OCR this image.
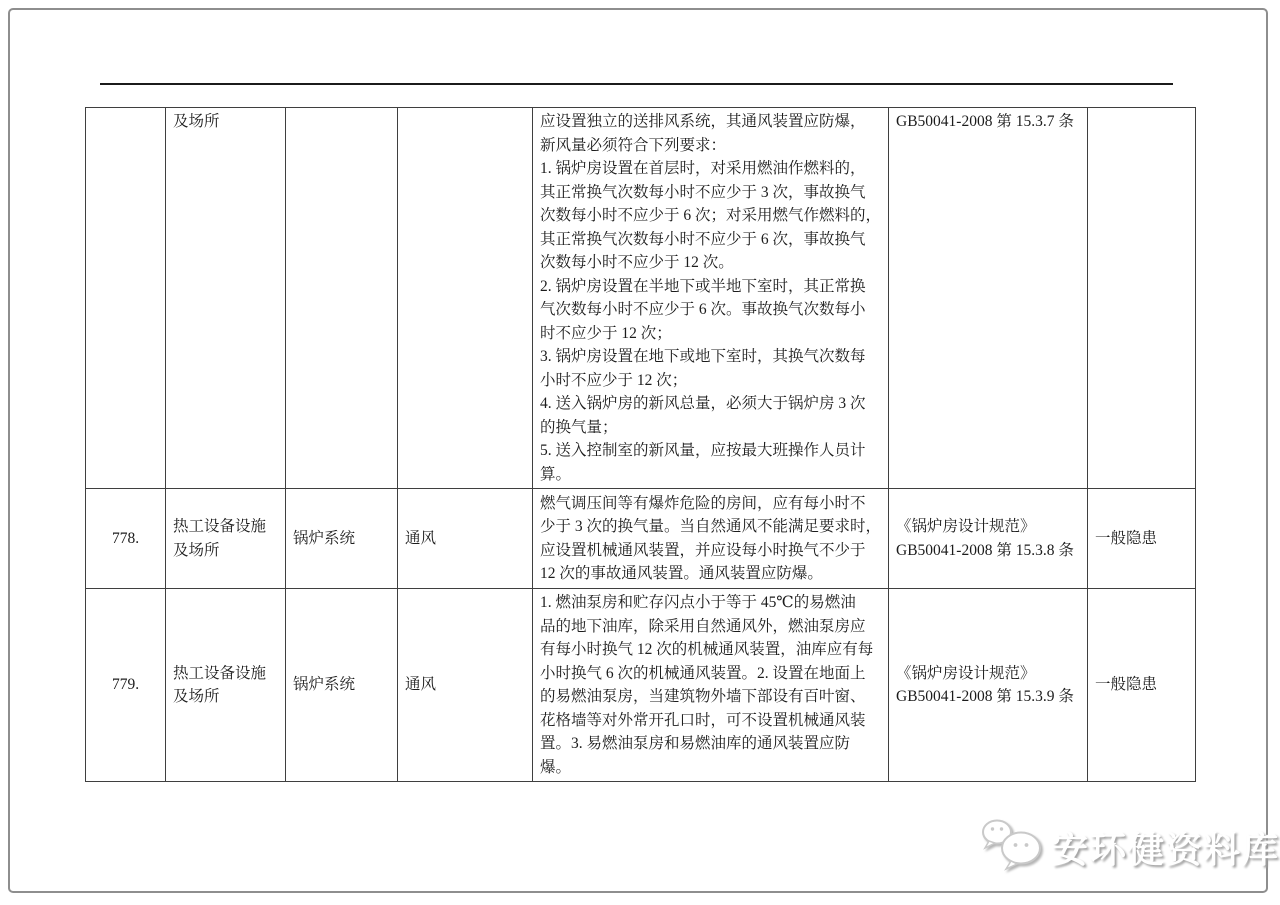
	及场所			应设置独立的送排风系统，其通风装置应防爆，
新风量必须符合下列要求：
1. 锅炉房设置在首层时，对采用燃油作燃料的，
其正常换气次数每小时不应少于 3 次，事故换气
次数每小时不应少于 6 次；对采用燃气作燃料的，
其正常换气次数每小时不应少于 6 次，事故换气
次数每小时不应少于 12 次。
2. 锅炉房设置在半地下或半地下室时，其正常换
气次数每小时不应少于 6 次。事故换气次数每小
时不应少于 12 次；
3. 锅炉房设置在地下或地下室时，其换气次数每
小时不应少于 12 次；
4. 送入锅炉房的新风总量，必须大于锅炉房 3 次
的换气量；
5. 送入控制室的新风量，应按最大班操作人员计
算。	GB50041-2008 第 15.3.7 条	
778.	热工设备设施
及场所	锅炉系统	通风	燃气调压间等有爆炸危险的房间，应有每小时不
少于 3 次的换气量。当自然通风不能满足要求时，
应设置机械通风装置，并应设每小时换气不少于
12 次的事故通风装置。通风装置应防爆。	《锅炉房设计规范》
GB50041-2008 第 15.3.8 条	一般隐患
779.	热工设备设施
及场所	锅炉系统	通风	1. 燃油泵房和贮存闪点小于等于 45℃的易燃油
品的地下油库，除采用自然通风外，燃油泵房应
有每小时换气 12 次的机械通风装置，油库应有每
小时换气 6 次的机械通风装置。2. 设置在地面上
的易燃油泵房，当建筑物外墙下部设有百叶窗、
花格墙等对外常开孔口时，可不设置机械通风装
置。3. 易燃油泵房和易燃油库的通风装置应防
爆。	《锅炉房设计规范》
GB50041-2008 第 15.3.9 条	一般隐患
安环健资料库
